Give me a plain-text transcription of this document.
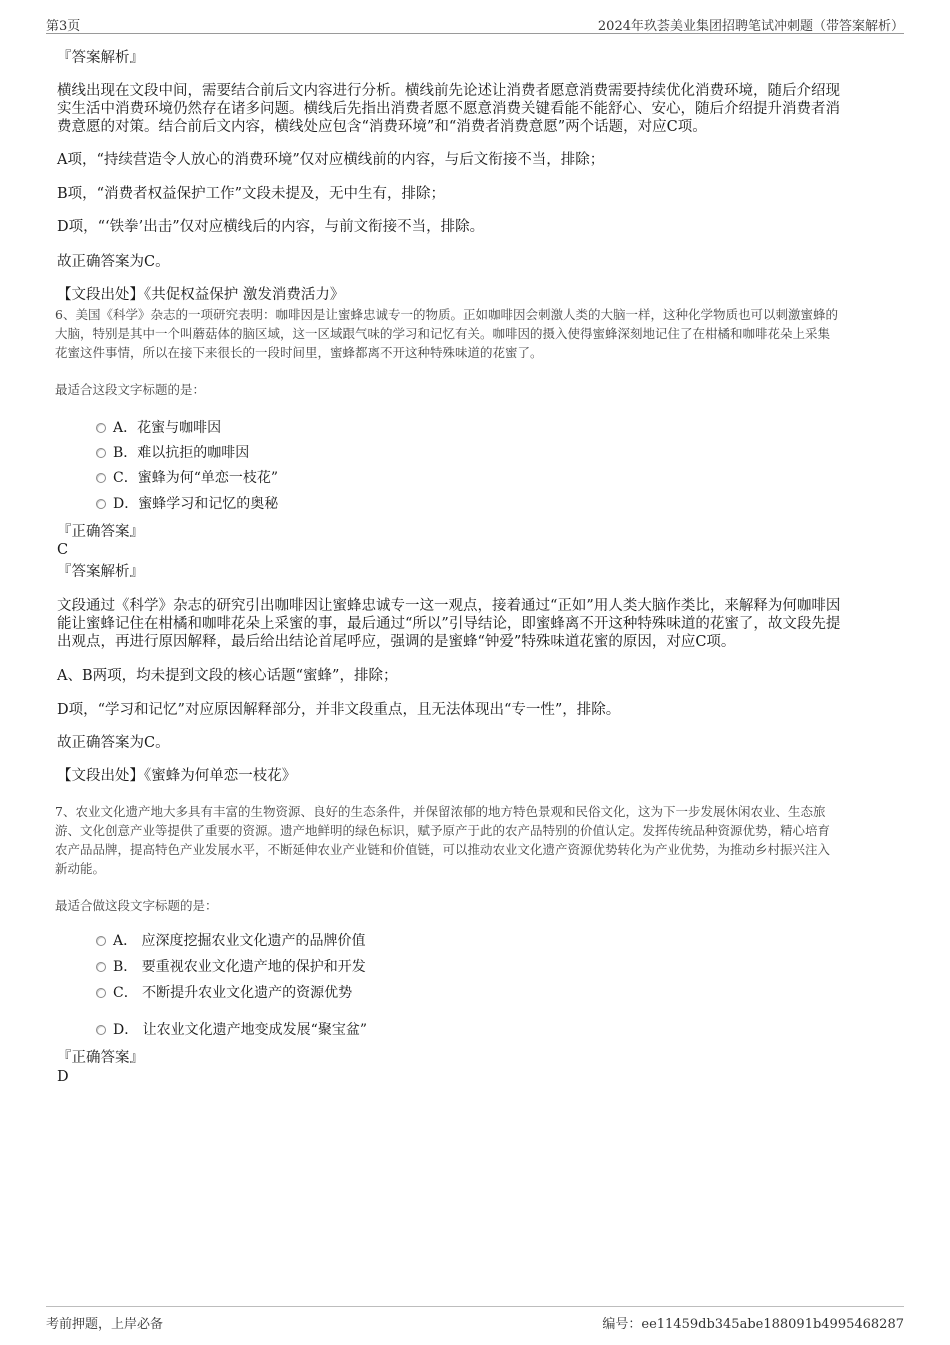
第3页	2024年玖荟美业集团招聘笔试冲刺题（带答案解析）

『答案解析』

横线出现在文段中间，需要结合前后文内容进行分析。横线前先论述让消费者愿意消费需要持续优化消费环境，随后介绍现
实生活中消费环境仍然存在诸多问题。横线后先指出消费者愿不愿意消费关键看能不能舒心、安心，随后介绍提升消费者消
费意愿的对策。结合前后文内容，横线处应包含“消费环境”和“消费者消费意愿”两个话题，对应C项。

A项，“持续营造令人放心的消费环境”仅对应横线前的内容，与后文衔接不当，排除；

B项，“消费者权益保护工作”文段未提及，无中生有，排除；

D项，“‘铁拳’出击”仅对应横线后的内容，与前文衔接不当，排除。

故正确答案为C。

【文段出处】《共促权益保护 激发消费活力》

6、美国《科学》杂志的一项研究表明：咖啡因是让蜜蜂忠诚专一的物质。正如咖啡因会刺激人类的大脑一样，这种化学物质也可以刺激蜜蜂的
大脑，特别是其中一个叫蘑菇体的脑区域，这一区域跟气味的学习和记忆有关。咖啡因的摄入使得蜜蜂深刻地记住了在柑橘和咖啡花朵上采集
花蜜这件事情，所以在接下来很长的一段时间里，蜜蜂都离不开这种特殊味道的花蜜了。

最适合这段文字标题的是：

A．花蜜与咖啡因
B．难以抗拒的咖啡因
C．蜜蜂为何“单恋一枝花”
D．蜜蜂学习和记忆的奥秘

『正确答案』

C

『答案解析』

文段通过《科学》杂志的研究引出咖啡因让蜜蜂忠诚专一这一观点，接着通过“正如”用人类大脑作类比，来解释为何咖啡因
能让蜜蜂记住在柑橘和咖啡花朵上采蜜的事，最后通过“所以”引导结论，即蜜蜂离不开这种特殊味道的花蜜了，故文段先提
出观点，再进行原因解释，最后给出结论首尾呼应，强调的是蜜蜂“钟爱”特殊味道花蜜的原因，对应C项。

A、B两项，均未提到文段的核心话题“蜜蜂”，排除；

D项，“学习和记忆”对应原因解释部分，并非文段重点，且无法体现出“专一性”，排除。

故正确答案为C。

【文段出处】《蜜蜂为何单恋一枝花》

7、农业文化遗产地大多具有丰富的生物资源、良好的生态条件，并保留浓郁的地方特色景观和民俗文化，这为下一步发展休闲农业、生态旅
游、文化创意产业等提供了重要的资源。遗产地鲜明的绿色标识，赋予原产于此的农产品特别的价值认定。发挥传统品种资源优势，精心培育
农产品品牌，提高特色产业发展水平，不断延伸农业产业链和价值链，可以推动农业文化遗产资源优势转化为产业优势，为推动乡村振兴注入
新动能。

最适合做这段文字标题的是：

A． 应深度挖掘农业文化遗产的品牌价值
B． 要重视农业文化遗产地的保护和开发
C． 不断提升农业文化遗产的资源优势
D． 让农业文化遗产地变成发展“聚宝盆”

『正确答案』

D

考前押题，上岸必备	编号：ee11459db345abe188091b4995468287
